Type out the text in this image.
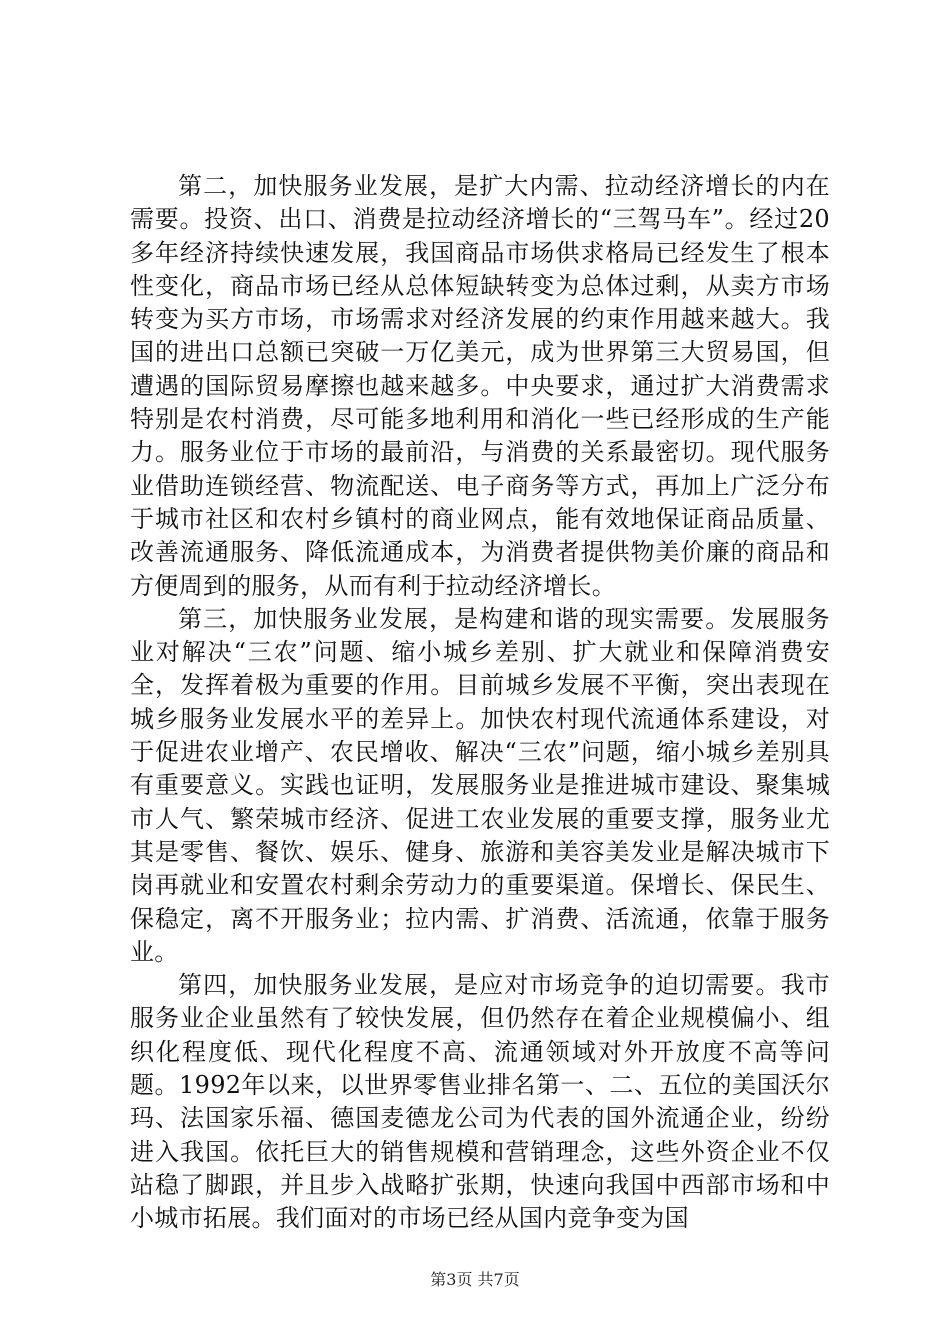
第二，加快服务业发展，是扩大内需、拉动经济增长的内在需要。投资、出口、消费是拉动经济增长的“三驾马车”。经过20多年经济持续快速发展，我国商品市场供求格局已经发生了根本性变化，商品市场已经从总体短缺转变为总体过剩，从卖方市场转变为买方市场，市场需求对经济发展的约束作用越来越大。我国的进出口总额已突破一万亿美元，成为世界第三大贸易国，但遭遇的国际贸易摩擦也越来越多。中央要求，通过扩大消费需求特别是农村消费，尽可能多地利用和消化一些已经形成的生产能力。服务业位于市场的最前沿，与消费的关系最密切。现代服务业借助连锁经营、物流配送、电子商务等方式，再加上广泛分布于城市社区和农村乡镇村的商业网点，能有效地保证商品质量、改善流通服务、降低流通成本，为消费者提供物美价廉的商品和方便周到的服务，从而有利于拉动经济增长。

第三，加快服务业发展，是构建和谐的现实需要。发展服务业对解决“三农”问题、缩小城乡差别、扩大就业和保障消费安全，发挥着极为重要的作用。目前城乡发展不平衡，突出表现在城乡服务业发展水平的差异上。加快农村现代流通体系建设，对于促进农业增产、农民增收、解决“三农”问题，缩小城乡差别具有重要意义。实践也证明，发展服务业是推进城市建设、聚集城市人气、繁荣城市经济、促进工农业发展的重要支撑，服务业尤其是零售、餐饮、娱乐、健身、旅游和美容美发业是解决城市下岗再就业和安置农村剩余劳动力的重要渠道。保增长、保民生、保稳定，离不开服务业；拉内需、扩消费、活流通，依靠于服务业。

第四，加快服务业发展，是应对市场竞争的迫切需要。我市服务业企业虽然有了较快发展，但仍然存在着企业规模偏小、组织化程度低、现代化程度不高、流通领域对外开放度不高等问题。1992年以来，以世界零售业排名第一、二、五位的美国沃尔玛、法国家乐福、德国麦德龙公司为代表的国外流通企业，纷纷进入我国。依托巨大的销售规模和营销理念，这些外资企业不仅站稳了脚跟，并且步入战略扩张期，快速向我国中西部市场和中小城市拓展。我们面对的市场已经从国内竞争变为国

第3页 共7页
